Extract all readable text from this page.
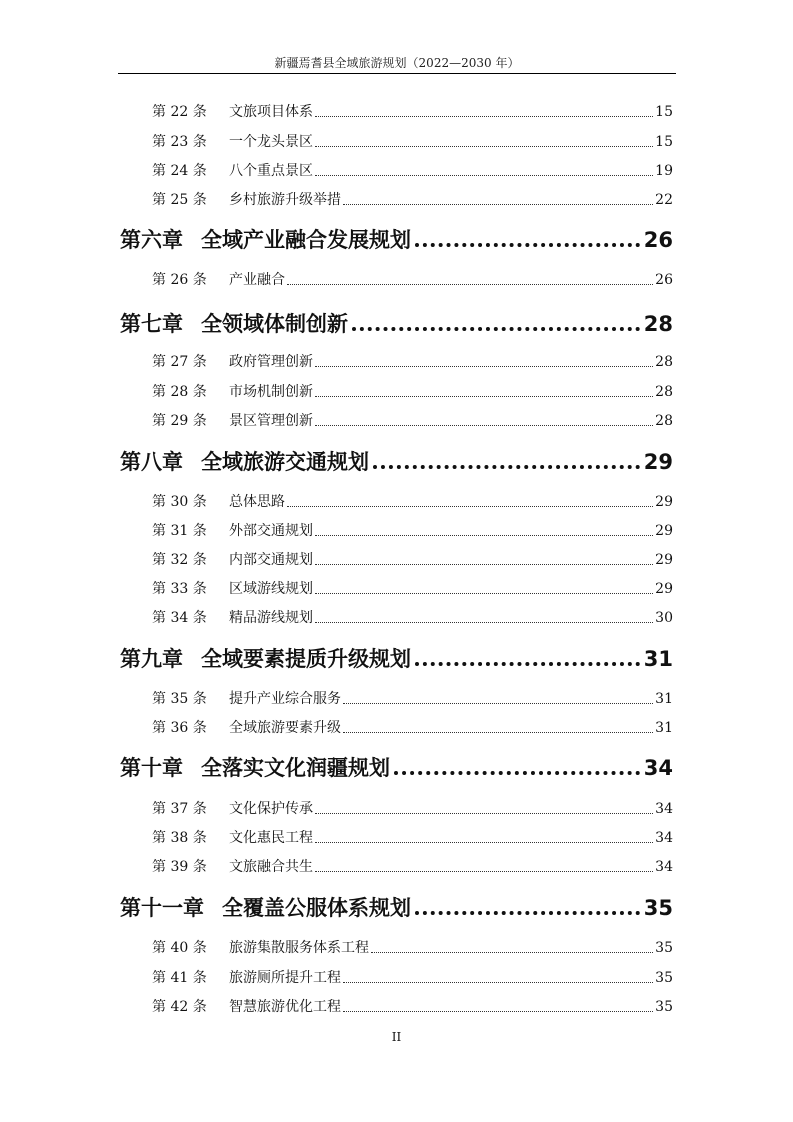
新疆焉耆县全域旅游规划（2022—2030 年）
第 22 条	文旅项目体系	15
第 23 条	一个龙头景区	15
第 24 条	八个重点景区	19
第 25 条	乡村旅游升级举措	22
第六章 全域产业融合发展规划	26
第 26 条	产业融合	26
第七章 全领域体制创新	28
第 27 条	政府管理创新	28
第 28 条	市场机制创新	28
第 29 条	景区管理创新	28
第八章 全域旅游交通规划	29
第 30 条	总体思路	29
第 31 条	外部交通规划	29
第 32 条	内部交通规划	29
第 33 条	区域游线规划	29
第 34 条	精品游线规划	30
第九章 全域要素提质升级规划	31
第 35 条	提升产业综合服务	31
第 36 条	全域旅游要素升级	31
第十章 全落实文化润疆规划	34
第 37 条	文化保护传承	34
第 38 条	文化惠民工程	34
第 39 条	文旅融合共生	34
第十一章 全覆盖公服体系规划	35
第 40 条	旅游集散服务体系工程	35
第 41 条	旅游厕所提升工程	35
第 42 条	智慧旅游优化工程	35
II
